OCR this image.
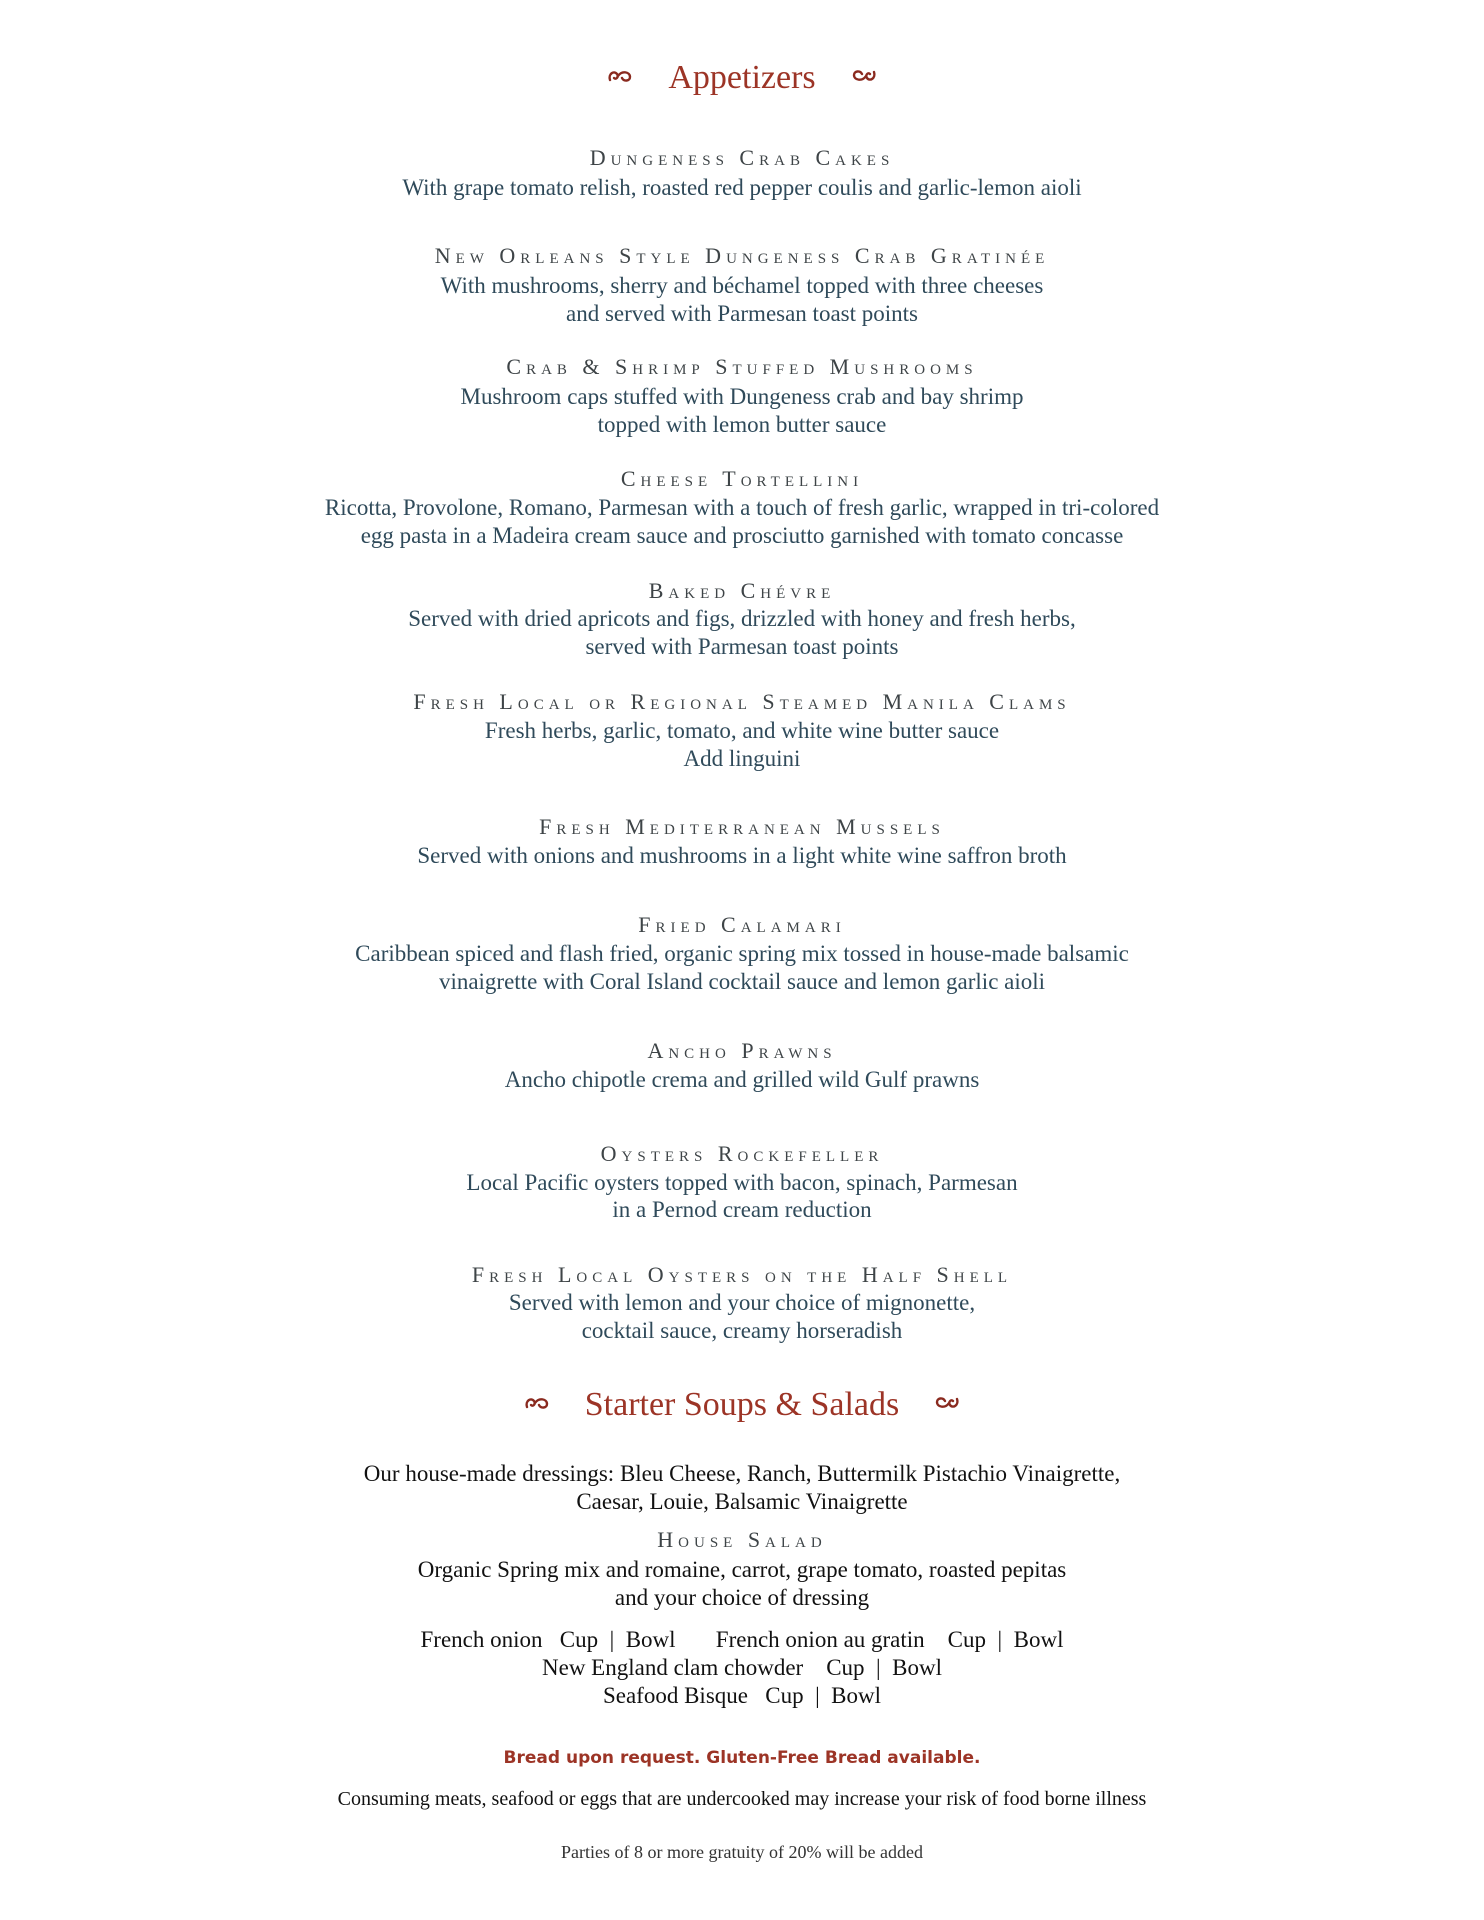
Appetizers
Dungeness Crab Cakes
With grape tomato relish, roasted red pepper coulis and garlic-lemon aioli
New Orleans Style Dungeness Crab Gratinée
With mushrooms, sherry and béchamel topped with three cheeses
and served with Parmesan toast points
Crab & Shrimp Stuffed Mushrooms
Mushroom caps stuffed with Dungeness crab and bay shrimp
topped with lemon butter sauce
Cheese Tortellini
Ricotta, Provolone, Romano, Parmesan with a touch of fresh garlic, wrapped in tri-colored
egg pasta in a Madeira cream sauce and prosciutto garnished with tomato concasse
Baked Chévre
Served with dried apricots and figs, drizzled with honey and fresh herbs,
served with Parmesan toast points
Fresh Local or Regional Steamed Manila Clams
Fresh herbs, garlic, tomato, and white wine butter sauce
Add linguini
Fresh Mediterranean Mussels
Served with onions and mushrooms in a light white wine saffron broth
Fried Calamari
Caribbean spiced and flash fried, organic spring mix tossed in house-made balsamic
vinaigrette with Coral Island cocktail sauce and lemon garlic aioli
Ancho Prawns
Ancho chipotle crema and grilled wild Gulf prawns
Oysters Rockefeller
Local Pacific oysters topped with bacon, spinach, Parmesan
in a Pernod cream reduction
Fresh Local Oysters on the Half Shell
Served with lemon and your choice of mignonette,
cocktail sauce, creamy horseradish
Starter Soups & Salads
Our house-made dressings: Bleu Cheese, Ranch, Buttermilk Pistachio Vinaigrette,
Caesar, Louie, Balsamic Vinaigrette
House Salad
Organic Spring mix and romaine, carrot, grape tomato, roasted pepitas
and your choice of dressing
French onion   Cup  |  Bowl       French onion au gratin    Cup  |  Bowl
New England clam chowder    Cup  |  Bowl
Seafood Bisque   Cup  |  Bowl
Bread upon request. Gluten-Free Bread available.
Consuming meats, seafood or eggs that are undercooked may increase your risk of food borne illness
Parties of 8 or more gratuity of 20% will be added
